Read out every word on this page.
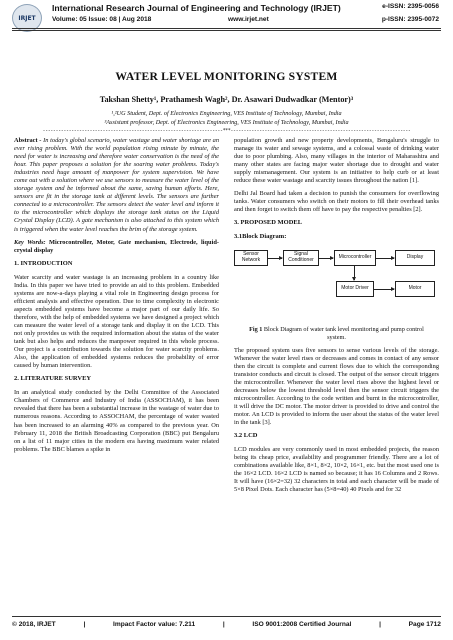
IRJET
International Research Journal of Engineering and Technology (IRJET)	e-ISSN: 2395-0056
Volume: 05 Issue: 08 | Aug 2018	www.irjet.net	p-ISSN: 2395-0072
WATER LEVEL MONITORING SYSTEM
Takshan Shetty¹, Prathamesh Wagh², Dr. Asawari Dudwadkar (Mentor)³
¹,²UG Student, Dept. of Electronics Engineering, VES Institute of Technology, Mumbai, India
³Assistant professor, Dept. of Electronics Engineering, VES Institute of Technology, Mumbai, India
---------------------------------------------------------------------***---------------------------------------------------------------------

Abstract - In today's global scenario, water wastage and water shortage are an ever rising problem. With the world population rising minute by minute, the need for water is increasing and therefore water conservation is the need of the hour. This paper proposes a solution for the soaring water problems. Today's industries need huge amount of manpower for system supervision. We have come out with a solution where we use sensors to measure the water level of the storage system and be informed about the same, saving human efforts. Here, sensors are fit in the storage tank at different levels. The sensors are further connected to a microcontroller. The sensors detect the water level and inform it to the microcontroller which displays the storage tank status on the Liquid Crystal Display (LCD). A gate mechanism is also attached to this system which is triggered when the water level reaches the brim of the storage system.

Key Words: Microcontroller, Motor, Gate mechanism, Electrode, liquid-crystal display

1. INTRODUCTION

Water scarcity and water wastage is an increasing problem in a country like India. In this paper we have tried to provide an aid to this problem. Embedded systems are now-a-days playing a vital role in Engineering design process for efficient analysis and effective operation. Due to time complexity in electronic aspects embedded systems have become a major part of our daily life. So therefore, with the help of embedded systems we have designed a project which can measure the water level of a storage tank and display it on the LCD. This not only provides us with the required information about the status of the water tank but also helps and reduces the manpower required in this whole process. Our project is a contribution towards the solution for water scarcity problems. Also, the application of embedded systems reduces the probability of error caused by human intervention.

2. LITERATURE SURVEY

In an analytical study conducted by the Delhi Committee of the Associated Chambers of Commerce and Industry of India (ASSOCHAM), it has been revealed that there has been a substantial increase in the wastage of water due to numerous reasons. According to ASSOCHAM, the percentage of water wasted has been increased to an alarming 40% as compared to the previous year. On February 11, 2018 the British Broadcasting Corporation (BBC) put Bengaluru on a list of 11 major cities in the modern era having maximum water related problems. The BBC blames a spike in

population growth and new property developments, Bengaluru's struggle to manage its water and sewage systems, and a colossal waste of drinking water due to poor plumbing. Also, many villages in the interior of Maharashtra and many other states are facing major water shortage due to drought and water supply mismanagement. Our system is an initiative to help curb or at least reduce these water wastage and scarcity issues throughout the nation [1].

Delhi Jal Board had taken a decision to punish the consumers for overflowing tanks. Water consumers who switch on their motors to fill their overhead tanks and then forget to switch them off have to pay the respective penalties [2].

3. PROPOSED MODEL
3.1Block Diagram:
Sensor Network
Signal Conditioner	Microcontroller	Display
Motor Driver	Motor

Fig 1 Block Diagram of water tank level monitoring and pump control system.

The proposed system uses five sensors to sense various levels of the storage. Whenever the water level rises or decreases and comes in contact of any sensor then the circuit is complete and current flows due to which the corresponding transistor conducts and circuit is closed. The output of the sensor circuit triggers the microcontroller. Whenever the water level rises above the highest level or decreases below the lowest threshold level then the sensor circuit triggers the microcontroller. According to the code written and burnt in the microcontroller, it will drive the DC motor. The motor driver is provided to drive and control the motor. An LCD is provided to inform the user about the status of the water level in the tank [3].

3.2 LCD

LCD modules are very commonly used in most embedded projects, the reason being its cheap price, availability and programmer friendly. There are a lot of combinations available like, 8×1, 8×2, 10×2, 16×1, etc. but the most used one is the 16×2 LCD. 16×2 LCD is named so because; it has 16 Columns and 2 Rows. It will have (16×2=32) 32 characters in total and each character will be made of 5×8 Pixel Dots. Each character has (5×8=40) 40 Pixels and for 32

© 2018, IRJET	|	Impact Factor value: 7.211	|	ISO 9001:2008 Certified Journal	|	Page 1712
